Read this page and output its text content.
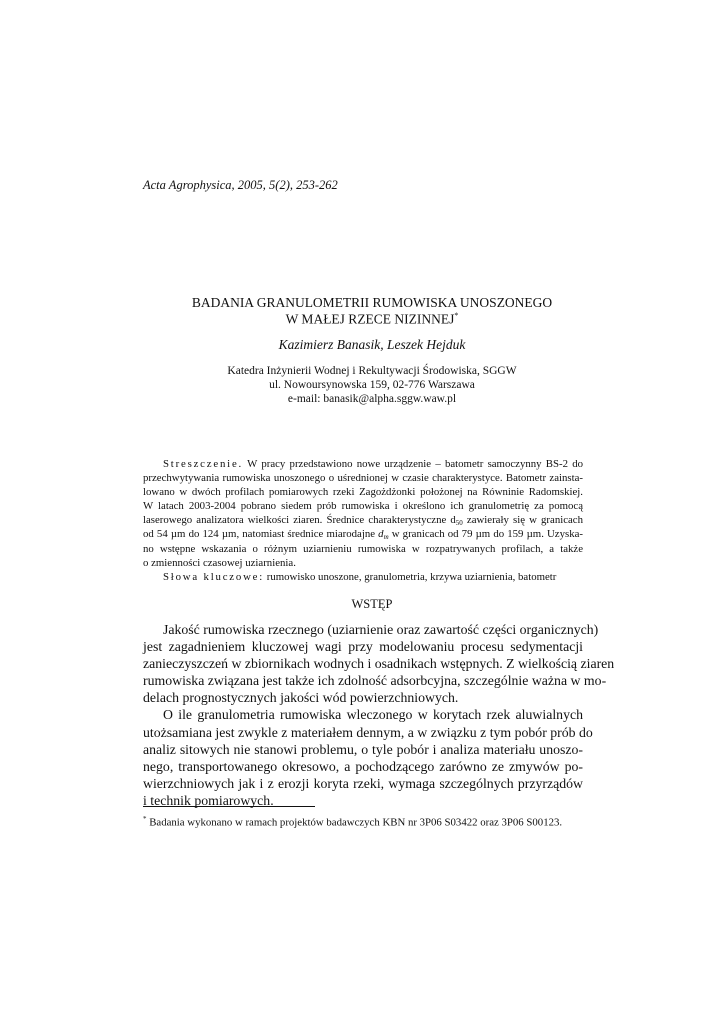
Acta Agrophysica, 2005, 5(2), 253-262
BADANIA GRANULOMETRII RUMOWISKA UNOSZONEGO
W MAŁEJ RZECE NIZINNEJ*
Kazimierz Banasik, Leszek Hejduk
Katedra Inżynierii Wodnej i Rekultywacji Środowiska, SGGW
ul. Nowoursynowska 159, 02-776 Warszawa
e-mail: banasik@alpha.sggw.waw.pl
Streszczenie. W pracy przedstawiono nowe urządzenie – batometr samoczynny BS-2 do
przechwytywania rumowiska unoszonego o uśrednionej w czasie charakterystyce. Batometr zainsta-
lowano w dwóch profilach pomiarowych rzeki Zagożdżonki położonej na Równinie Radomskiej.
W latach 2003-2004 pobrano siedem prób rumowiska i określono ich granulometrię za pomocą
laserowego analizatora wielkości ziaren. Średnice charakterystyczne $d_{50}$ zawierały się w granicach
od 54 µm do 124 µm, natomiast średnice miarodajne $d_m$ w granicach od 79 µm do 159 µm. Uzyska-
no wstępne wskazania o różnym uziarnieniu rumowiska w rozpatrywanych profilach, a także
o zmienności czasowej uziarnienia.
Słowa kluczowe: rumowisko unoszone, granulometria, krzywa uziarnienia, batometr
WSTĘP
Jakość rumowiska rzecznego (uziarnienie oraz zawartość części organicznych)
jest zagadnieniem kluczowej wagi przy modelowaniu procesu sedymentacji
zanieczyszczeń w zbiornikach wodnych i osadnikach wstępnych. Z wielkością ziaren
rumowiska związana jest także ich zdolność adsorbcyjna, szczególnie ważna w mo-
delach prognostycznych jakości wód powierzchniowych.
O ile granulometria rumowiska wleczonego w korytach rzek aluwialnych
utożsamiana jest zwykle z materiałem dennym, a w związku z tym pobór prób do
analiz sitowych nie stanowi problemu, o tyle pobór i analiza materiału unoszo-
nego, transportowanego okresowo, a pochodzącego zarówno ze zmywów po-
wierzchniowych jak i z erozji koryta rzeki, wymaga szczególnych przyrządów
i technik pomiarowych.
* Badania wykonano w ramach projektów badawczych KBN nr 3P06 S03422 oraz 3P06 S00123.
